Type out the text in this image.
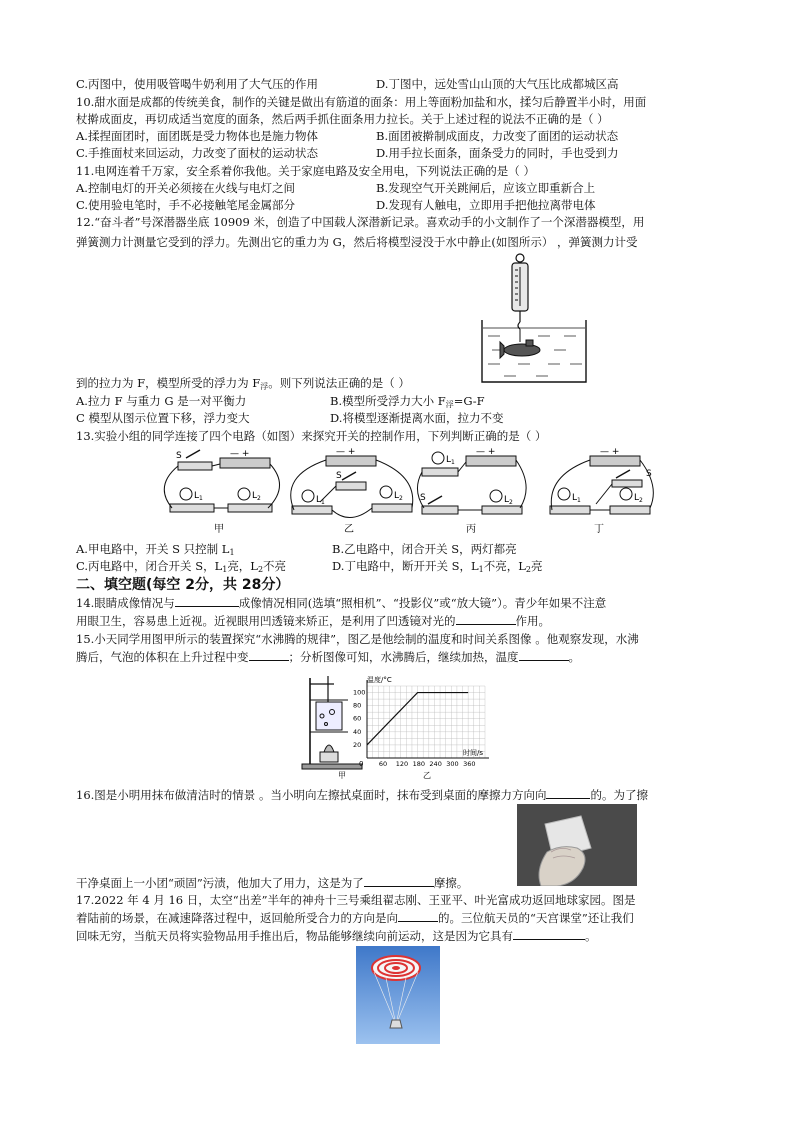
C.丙图中，使用吸管喝牛奶利用了大气压的作用	D.丁图中，远处雪山山顶的大气压比成都城区高
10.甜水面是成都的传统美食，制作的关键是做出有筋道的面条：用上等面粉加盐和水，揉匀后静置半小时，用面
杖擀成面皮，再切成适当宽度的面条，然后两手抓住面条用力拉长。关于上述过程的说法不正确的是（ ）
A.揉捏面团时，面团既是受力物体也是施力物体	B.面团被擀制成面皮，力改变了面团的运动状态
C.手推面杖来回运动，力改变了面杖的运动状态	D.用手拉长面条，面条受力的同时，手也受到力
11.电网连着千万家，安全系着你我他。关于家庭电路及安全用电，下列说法正确的是（ ）
A.控制电灯的开关必须接在火线与电灯之间	B.发现空气开关跳闸后，应该立即重新合上
C.使用验电笔时，手不必接触笔尾金属部分	D.发现有人触电，立即用手把他拉离带电体
12.“奋斗者”号深潜器坐底 10909 米，创造了中国载人深潜新记录。喜欢动手的小文制作了一个深潜器模型，用
弹簧测力计测量它受到的浮力。先测出它的重力为 G，然后将模型浸没于水中静止(如图所示） ，弹簧测力计受
到的拉力为 F，模型所受的浮力为 $F_浮$。则下列说法正确的是（ ）
A.拉力 F 与重力 G 是一对平衡力	B.模型所受浮力大小 $F_浮=G-F$
C 模型从图示位置下移，浮力变大	D.将模型逐渐提离水面，拉力不变
13.实验小组的同学连接了四个电路（如图）来探究开关的控制作用，下列判断正确的是（ ）
S	— +
$L_1$	$L_2$
甲
— +
S
$L_1$
$L_2$
乙
— +
$L_1$
S	$L_2$
丙
— +
$L_1$	$L_2$
S
丁
A.甲电路中，开关 S 只控制 $L_1$	B.乙电路中，闭合开关 S，两灯都亮
C.丙电路中，闭合开关 S，$L_1$亮，$L_2$不亮	D.丁电路中，断开开关 S，$L_1$不亮，$L_2$亮
二、填空题(每空 2分，共 28分）
14.眼睛成像情况与	成像情况相同(选填“照相机”、“投影仪”或“放大镜”）。青少年如果不注意
用眼卫生，容易患上近视。近视眼用凹透镜来矫正，是利用了凹透镜对光的	作用。
15.小天同学用图甲所示的装置探究“水沸腾的规律”，图乙是他绘制的温度和时间关系图像 。他观察发现，水沸
腾后，气泡的体积在上升过程中变	；分析图像可知，水沸腾后，继续加热，温度	。
甲
0 60 120 180 240 300 360
20
40
60
80
100
温度/°C
时间/s
乙
16.图是小明用抹布做清洁时的情景 。当小明向左擦拭桌面时，抹布受到桌面的摩擦力方向向	的。为了擦
干净桌面上一小团“顽固”污渍，他加大了用力，这是为了	摩擦。
17.2022 年 4 月 16 日，太空“出差”半年的神舟十三号乘组翟志刚、王亚平、叶光富成功返回地球家园。图是
着陆前的场景，在减速降落过程中，返回舱所受合力的方向是向	的。三位航天员的“天宫课堂”还让我们
回味无穷，当航天员将实验物品用手推出后，物品能够继续向前运动，这是因为它具有	。
